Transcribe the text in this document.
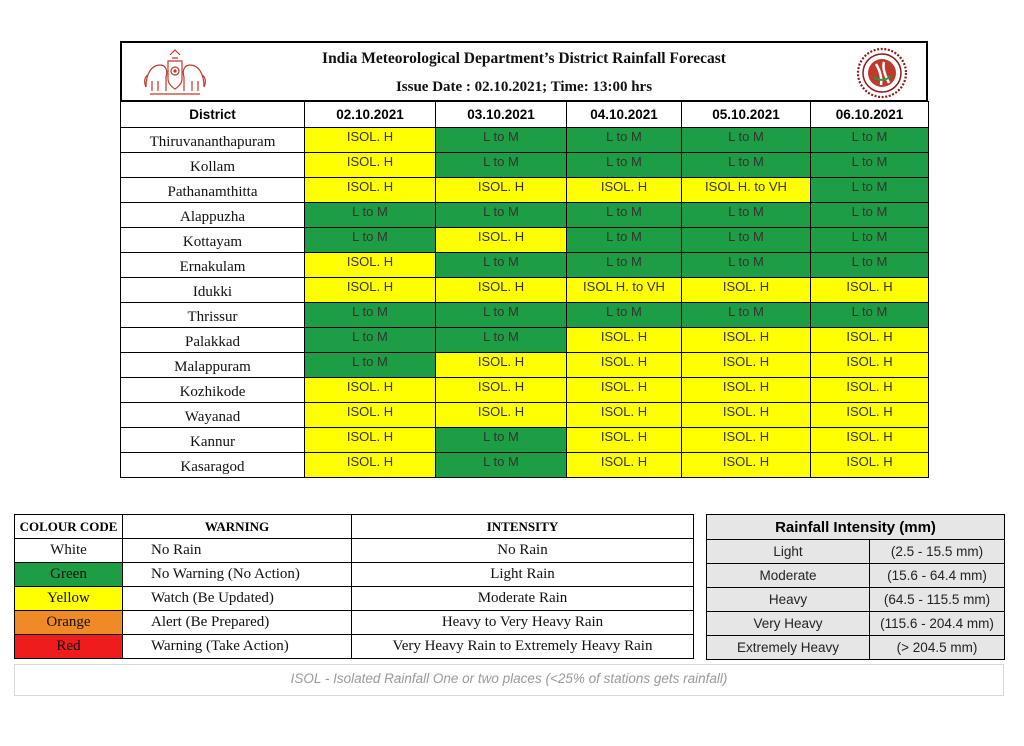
India Meteorological Department’s District Rainfall Forecast
Issue Date : 02.10.2021; Time: 13:00 hrs
District	02.10.2021	03.10.2021	04.10.2021	05.10.2021	06.10.2021
Thiruvananthapuram	ISOL. H	L to M	L to M	L to M	L to M
Kollam	ISOL. H	L to M	L to M	L to M	L to M
Pathanamthitta	ISOL. H	ISOL. H	ISOL. H	ISOL H. to VH	L to M
Alappuzha	L to M	L to M	L to M	L to M	L to M
Kottayam	L to M	ISOL. H	L to M	L to M	L to M
Ernakulam	ISOL. H	L to M	L to M	L to M	L to M
Idukki	ISOL. H	ISOL. H	ISOL H. to VH	ISOL. H	ISOL. H
Thrissur	L to M	L to M	L to M	L to M	L to M
Palakkad	L to M	L to M	ISOL. H	ISOL. H	ISOL. H
Malappuram	L to M	ISOL. H	ISOL. H	ISOL. H	ISOL. H
Kozhikode	ISOL. H	ISOL. H	ISOL. H	ISOL. H	ISOL. H
Wayanad	ISOL. H	ISOL. H	ISOL. H	ISOL. H	ISOL. H
Kannur	ISOL. H	L to M	ISOL. H	ISOL. H	ISOL. H
Kasaragod	ISOL. H	L to M	ISOL. H	ISOL. H	ISOL. H
COLOUR CODE	WARNING	INTENSITY
White	No Rain	No Rain
Green	No Warning (No Action)	Light Rain
Yellow	Watch (Be Updated)	Moderate Rain
Orange	Alert (Be Prepared)	Heavy to Very Heavy Rain
Red	Warning (Take Action)	Very Heavy Rain to Extremely Heavy Rain
Rainfall Intensity (mm)	
Light	(2.5 - 15.5 mm)
Moderate	(15.6 - 64.4 mm)
Heavy	(64.5 - 115.5 mm)
Very Heavy	(115.6 - 204.4 mm)
Extremely Heavy	(> 204.5 mm)
ISOL - Isolated Rainfall One or two places (<25% of stations gets rainfall)
